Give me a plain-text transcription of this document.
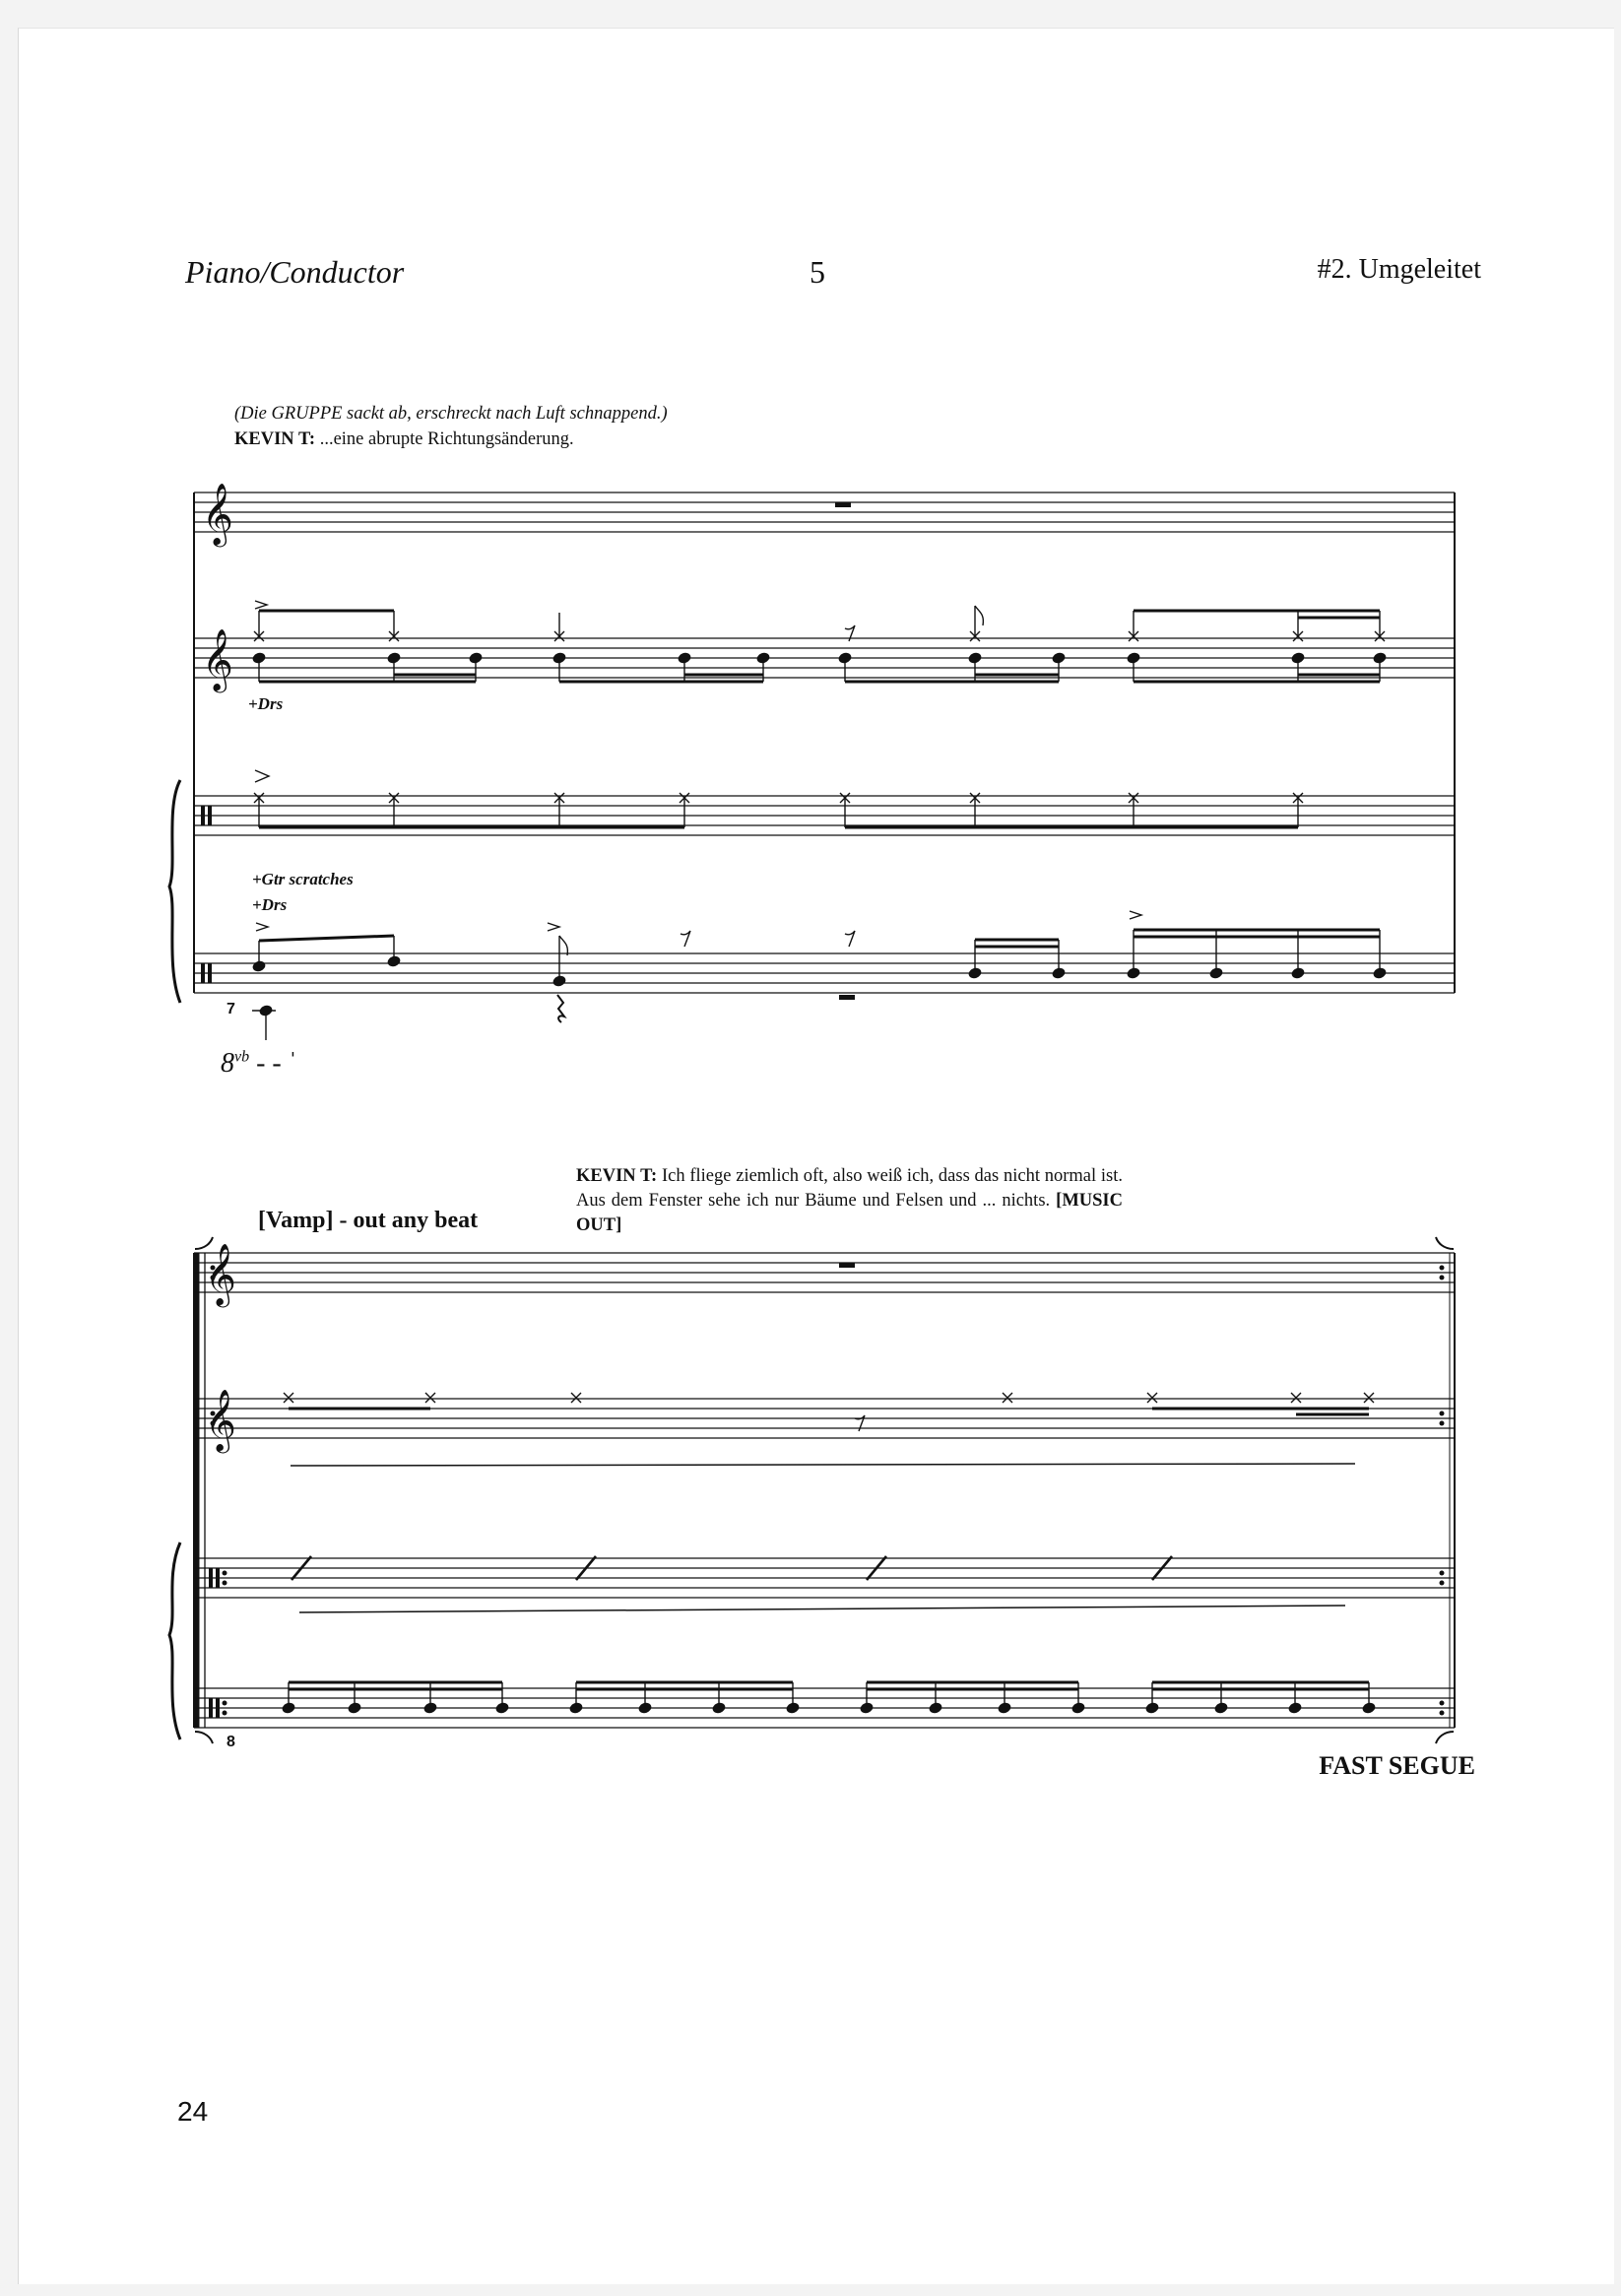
𝄞
𝄞
𝄞
𝄞
Piano/Conductor	5	#2. Umgeleitet
(Die GRUPPE sackt ab, erschreckt nach Luft schnappend.)
KEVIN T: ...eine abrupte Richtungsänderung.
+Drs
+Gtr scratches
+Drs
7
$8^{vb}$ - - ˈ
[Vamp] - out any beat
KEVIN T: Ich fliege ziemlich oft, also weiß ich, dass das nicht normal ist. Aus dem Fenster sehe ich nur Bäume und Felsen und ... nichts. [MUSIC OUT]
8
FAST SEGUE
24
